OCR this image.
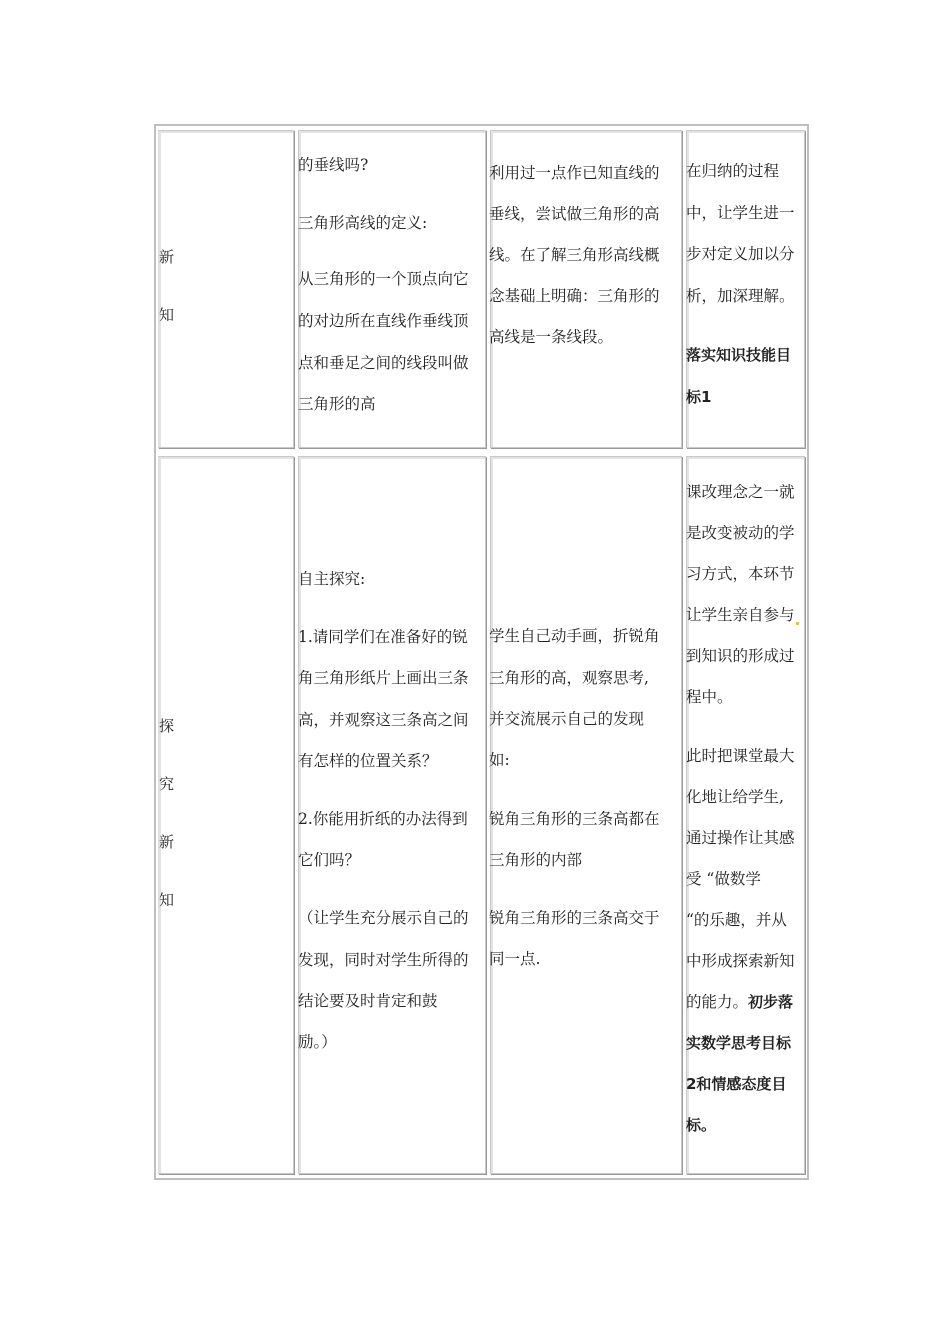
新
知

的垂线吗?

三角形高线的定义:

从三角形的一个顶点向它

的对边所在直线作垂线顶

点和垂足之间的线段叫做

三角形的高

利用过一点作已知直线的

垂线，尝试做三角形的高

线。在了解三角形高线概

念基础上明确：三角形的

高线是一条线段。

在归纳的过程

中，让学生进一

步对定义加以分

析，加深理解。

落实知识技能目

标1

探
究
新
知

自主探究:

1.请同学们在准备好的锐

角三角形纸片上画出三条

高，并观察这三条高之间

有怎样的位置关系？

2.你能用折纸的办法得到

它们吗？

（让学生充分展示自己的

发现，同时对学生所得的

结论要及时肯定和鼓

励。）

学生自己动手画，折锐角

三角形的高，观察思考,

并交流展示自己的发现

如:

锐角三角形的三条高都在

三角形的内部

锐角三角形的三条高交于

同一点.

课改理念之一就

是改变被动的学

习方式，本环节

让学生亲自参与

到知识的形成过

程中。

此时把课堂最大

化地让给学生,

通过操作让其感

受 “做数学

“的乐趣，并从

中形成探索新知

的能力。初步落

实数学思考目标

2和情感态度目

标。
